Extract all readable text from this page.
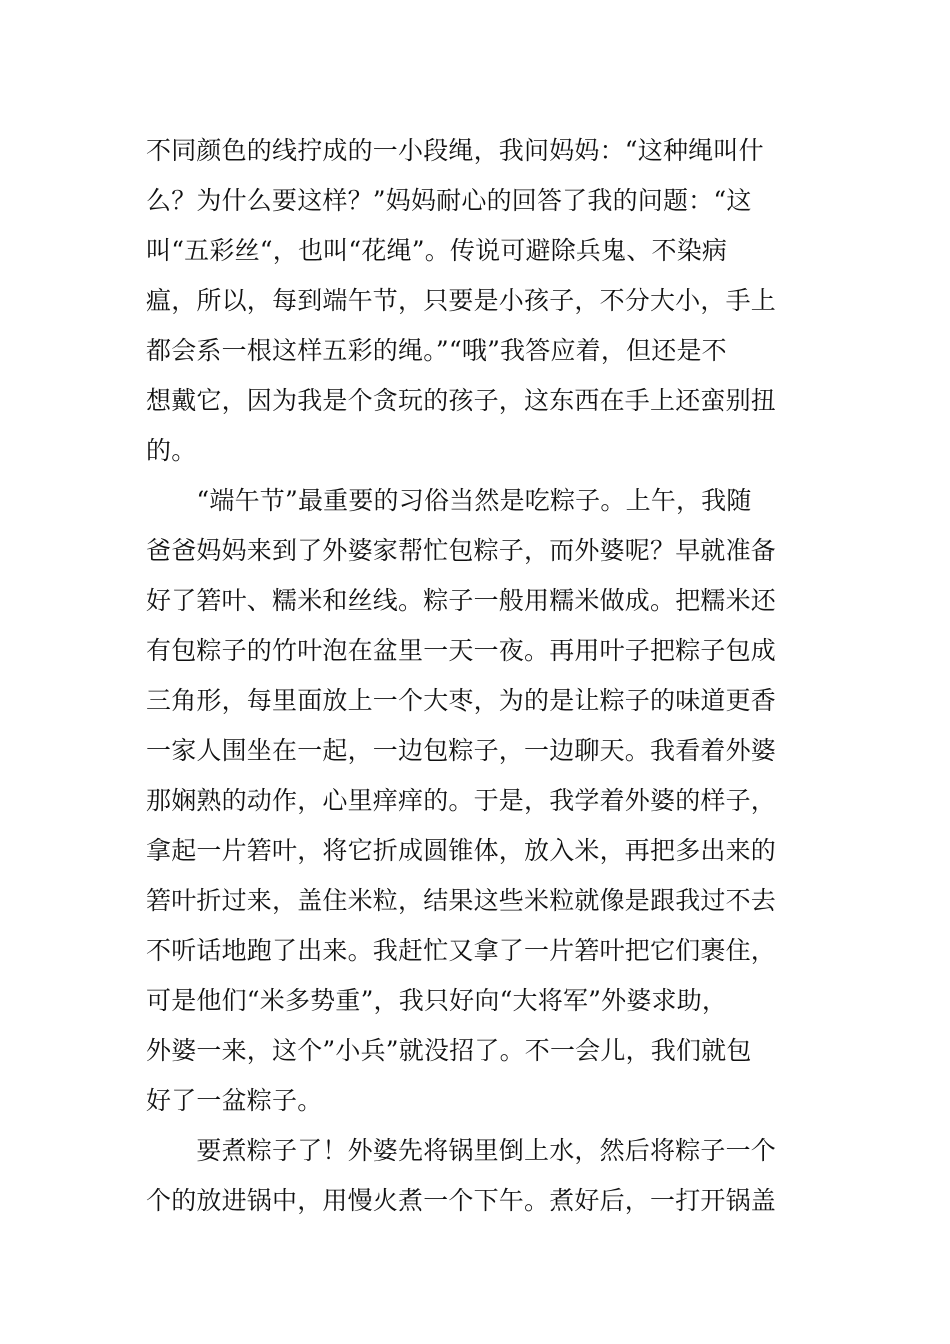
不同颜色的线拧成的一小段绳，我问妈妈：“这种绳叫什
么？为什么要这样？”妈妈耐心的回答了我的问题：“这
叫“五彩丝“，也叫“花绳”。传说可避除兵鬼、不染病
瘟，所以，每到端午节，只要是小孩子，不分大小，手上
都会系一根这样五彩的绳。”“哦”我答应着，但还是不
想戴它，因为我是个贪玩的孩子，这东西在手上还蛮别扭
的。
　　“端午节”最重要的习俗当然是吃粽子。上午，我随
爸爸妈妈来到了外婆家帮忙包粽子，而外婆呢？早就准备
好了箬叶、糯米和丝线。粽子一般用糯米做成。把糯米还
有包粽子的竹叶泡在盆里一天一夜。再用叶子把粽子包成
三角形，每里面放上一个大枣，为的是让粽子的味道更香
一家人围坐在一起，一边包粽子，一边聊天。我看着外婆
那娴熟的动作，心里痒痒的。于是，我学着外婆的样子，
拿起一片箬叶，将它折成圆锥体，放入米，再把多出来的
箬叶折过来，盖住米粒，结果这些米粒就像是跟我过不去
不听话地跑了出来。我赶忙又拿了一片箬叶把它们裹住，
可是他们“米多势重”，我只好向“大将军”外婆求助，
外婆一来，这个”小兵”就没招了。不一会儿，我们就包
好了一盆粽子。
　　要煮粽子了！外婆先将锅里倒上水，然后将粽子一个
个的放进锅中，用慢火煮一个下午。煮好后，一打开锅盖
